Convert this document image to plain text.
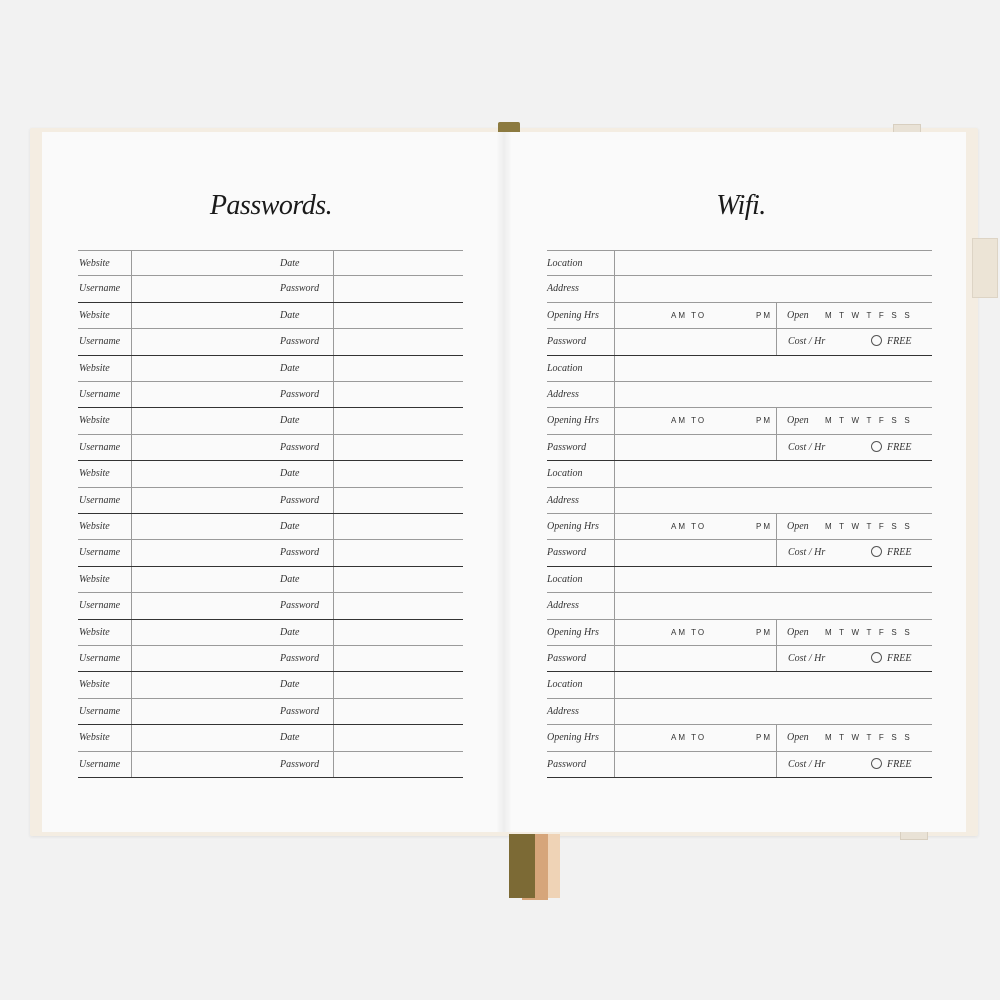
Passwords.	Wifi.
Website	Date
Username	Password
Website	Date
Username	Password
Website	Date
Username	Password
Website	Date
Username	Password
Website	Date
Username	Password
Website	Date
Username	Password
Website	Date
Username	Password
Website	Date
Username	Password
Website	Date
Username	Password
Website	Date
Username	Password
Location
Address
Opening Hrs	AM TO	PM Open M T W T F S S
Password	Cost / Hr	FREE
Location
Address
Opening Hrs	AM TO	PM Open M T W T F S S
Password	Cost / Hr	FREE
Location
Address
Opening Hrs	AM TO	PM Open M T W T F S S
Password	Cost / Hr	FREE
Location
Address
Opening Hrs	AM TO	PM Open M T W T F S S
Password	Cost / Hr	FREE
Location
Address
Opening Hrs	AM TO	PM Open M T W T F S S
Password	Cost / Hr	FREE
